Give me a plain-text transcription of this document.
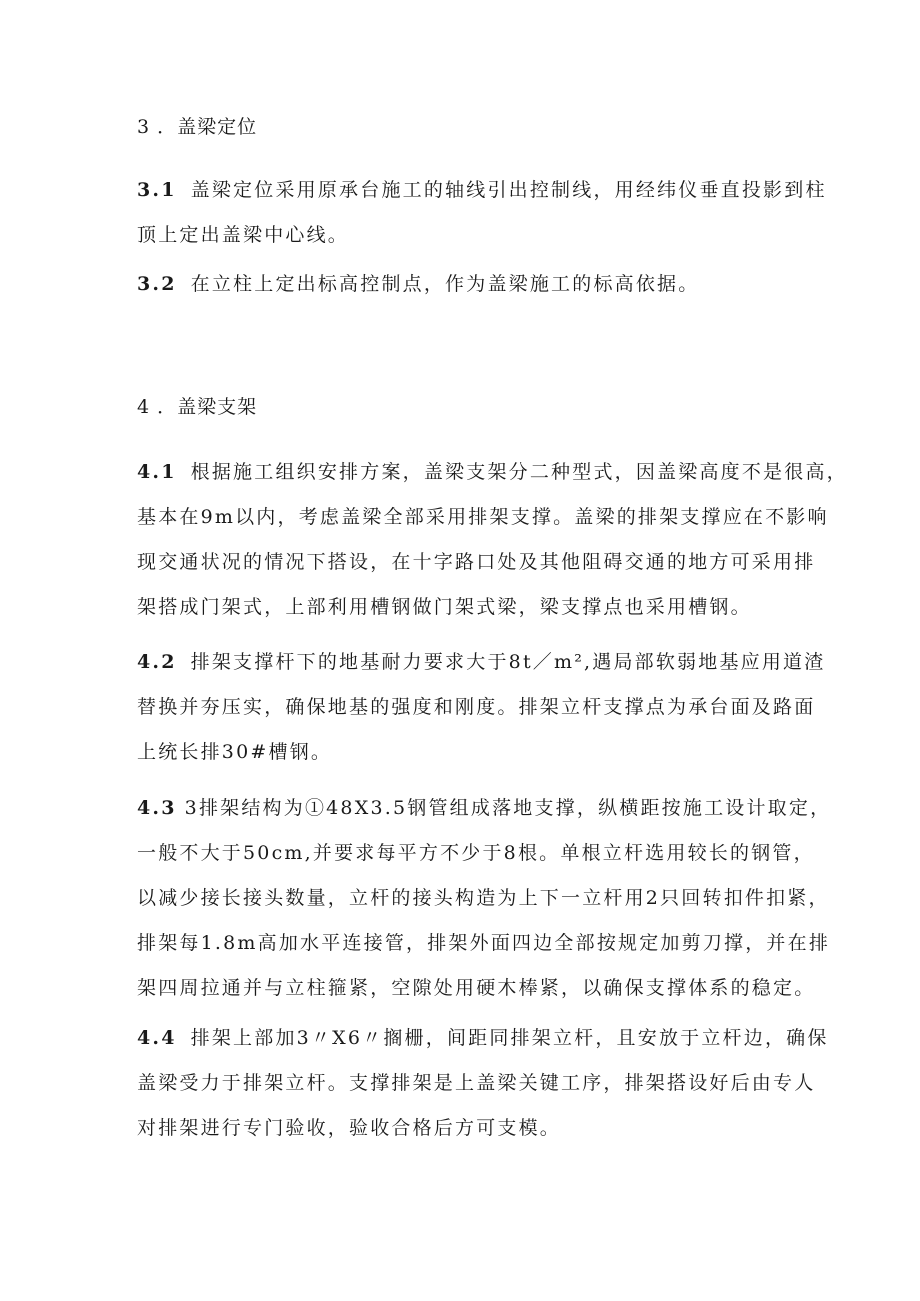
3 ．盖梁定位
3.1 盖梁定位采用原承台施工的轴线引出控制线，用经纬仪垂直投影到柱
顶上定出盖梁中心线。
3.2 在立柱上定出标高控制点，作为盖梁施工的标高依据。
4 ．盖梁支架
4.1 根据施工组织安排方案，盖梁支架分二种型式，因盖梁高度不是很高，
基本在9m以内，考虑盖梁全部采用排架支撑。盖梁的排架支撑应在不影响
现交通状况的情况下搭设，在十字路口处及其他阻碍交通的地方可采用排
架搭成门架式，上部利用槽钢做门架式梁，梁支撑点也采用槽钢。
4.2 排架支撑杆下的地基耐力要求大于8t／m²,遇局部软弱地基应用道渣
替换并夯压实，确保地基的强度和刚度。排架立杆支撑点为承台面及路面
上统长排30#槽钢。
4.3 3排架结构为①48X3.5钢管组成落地支撑，纵横距按施工设计取定，
一般不大于50cm,并要求每平方不少于8根。单根立杆选用较长的钢管，
以减少接长接头数量，立杆的接头构造为上下一立杆用2只回转扣件扣紧，
排架每1.8m高加水平连接管，排架外面四边全部按规定加剪刀撑，并在排
架四周拉通并与立柱箍紧，空隙处用硬木棒紧，以确保支撑体系的稳定。
4.4 排架上部加3〃X6〃搁栅，间距同排架立杆，且安放于立杆边，确保
盖梁受力于排架立杆。支撑排架是上盖梁关键工序，排架搭设好后由专人
对排架进行专门验收，验收合格后方可支模。
